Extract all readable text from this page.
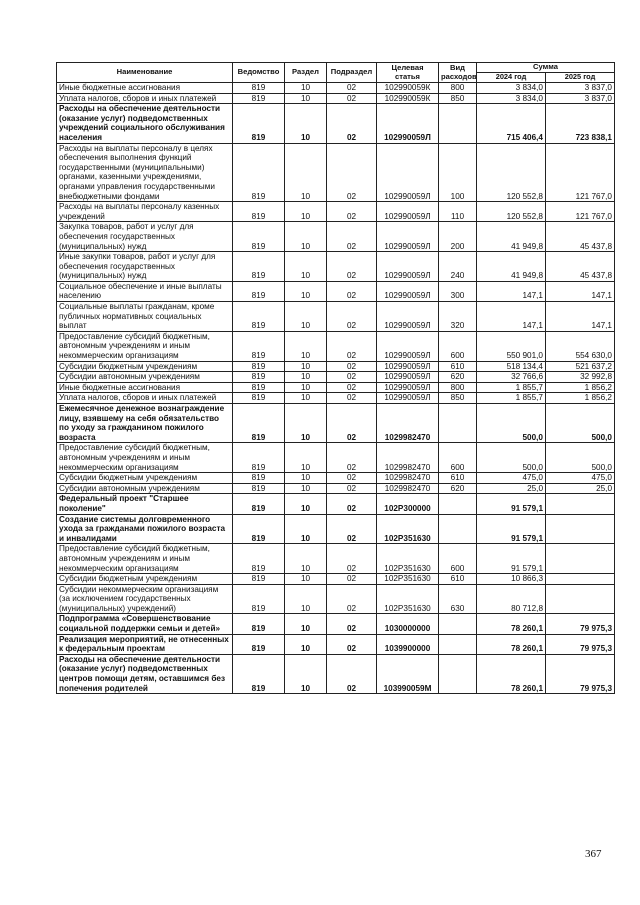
Наименование	Ведомство	Раздел	Подраздел	Целевая статья	Вид расходов	Сумма	
						2024 год	2025 год
Иные бюджетные ассигнования	819	10	02	102990059К	800	3 834,0	3 837,0
Уплата налогов, сборов и иных платежей	819	10	02	102990059К	850	3 834,0	3 837,0
Расходы на обеспечение деятельности (оказание услуг) подведомственных учреждений социального обслуживания населения	819	10	02	102990059Л		715 406,4	723 838,1
Расходы на выплаты персоналу в целях обеспечения выполнения функций государственными (муниципальными) органами, казенными учреждениями, органами управления государственными внебюджетными фондами	819	10	02	102990059Л	100	120 552,8	121 767,0
Расходы на выплаты персоналу казенных учреждений	819	10	02	102990059Л	110	120 552,8	121 767,0
Закупка товаров, работ и услуг для обеспечения государственных (муниципальных) нужд	819	10	02	102990059Л	200	41 949,8	45 437,8
Иные закупки товаров, работ и услуг для обеспечения государственных (муниципальных) нужд	819	10	02	102990059Л	240	41 949,8	45 437,8
Социальное обеспечение и иные выплаты населению	819	10	02	102990059Л	300	147,1	147,1
Социальные выплаты гражданам, кроме публичных нормативных социальных выплат	819	10	02	102990059Л	320	147,1	147,1
Предоставление субсидий бюджетным, автономным учреждениям и иным некоммерческим организациям	819	10	02	102990059Л	600	550 901,0	554 630,0
Субсидии бюджетным учреждениям	819	10	02	102990059Л	610	518 134,4	521 637,2
Субсидии автономным учреждениям	819	10	02	102990059Л	620	32 766,6	32 992,8
Иные бюджетные ассигнования	819	10	02	102990059Л	800	1 855,7	1 856,2
Уплата налогов, сборов и иных платежей	819	10	02	102990059Л	850	1 855,7	1 856,2
Ежемесячное денежное вознаграждение лицу, взявшему на себя обязательство по уходу за гражданином пожилого возраста	819	10	02	1029982470		500,0	500,0
Предоставление субсидий бюджетным, автономным учреждениям и иным некоммерческим организациям	819	10	02	1029982470	600	500,0	500,0
Субсидии бюджетным учреждениям	819	10	02	1029982470	610	475,0	475,0
Субсидии автономным учреждениям	819	10	02	1029982470	620	25,0	25,0
Федеральный проект "Старшее поколение"	819	10	02	102P300000		91 579,1	
Создание системы долговременного ухода за гражданами пожилого возраста и инвалидами	819	10	02	102P351630		91 579,1	
Предоставление субсидий бюджетным, автономным учреждениям и иным некоммерческим организациям	819	10	02	102P351630	600	91 579,1	
Субсидии бюджетным учреждениям	819	10	02	102P351630	610	10 866,3	
Субсидии некоммерческим организациям (за исключением государственных (муниципальных) учреждений)	819	10	02	102P351630	630	80 712,8	
Подпрограмма «Совершенствование социальной поддержки семьи и детей»	819	10	02	1030000000		78 260,1	79 975,3
Реализация мероприятий, не отнесенных к федеральным проектам	819	10	02	1039900000		78 260,1	79 975,3
Расходы на обеспечение деятельности (оказание услуг) подведомственных центров помощи детям, оставшимся без попечения родителей	819	10	02	103990059М		78 260,1	79 975,3
367
